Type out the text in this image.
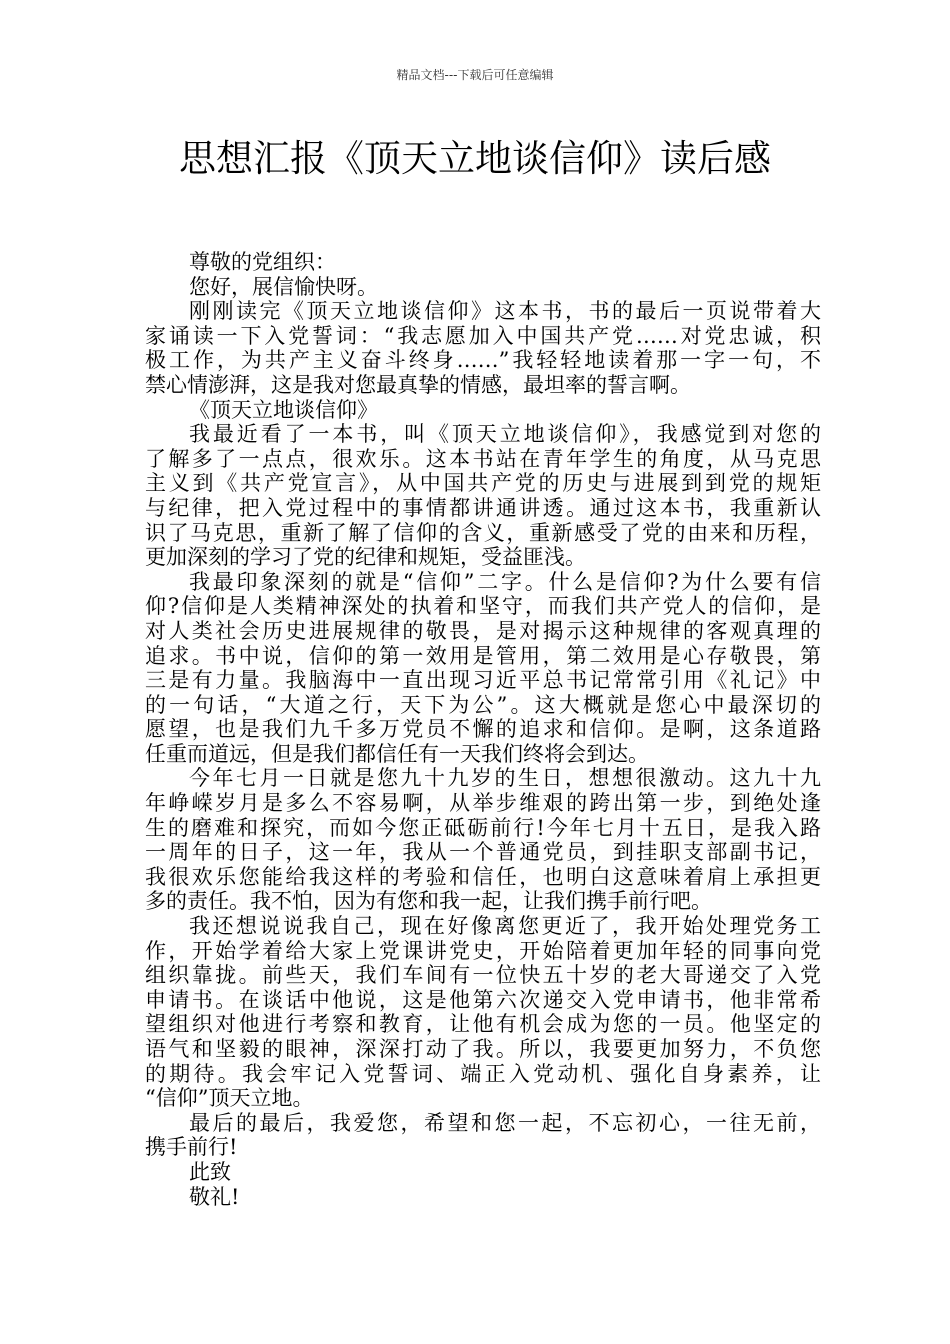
精品文档---下载后可任意编辑
思想汇报《顶天立地谈信仰》读后感
尊敬的党组织：
您好，展信愉快呀。
刚刚读完《顶天立地谈信仰》这本书，书的最后一页说带着大
家诵读一下入党誓词：“我志愿加入中国共产党……对党忠诚，积
极工作，为共产主义奋斗终身……”我轻轻地读着那一字一句，不
禁心情澎湃，这是我对您最真挚的情感，最坦率的誓言啊。
《顶天立地谈信仰》
我最近看了一本书，叫《顶天立地谈信仰》，我感觉到对您的
了解多了一点点，很欢乐。这本书站在青年学生的角度，从马克思
主义到《共产党宣言》，从中国共产党的历史与进展到到党的规矩
与纪律，把入党过程中的事情都讲通讲透。通过这本书，我重新认
识了马克思，重新了解了信仰的含义，重新感受了党的由来和历程，
更加深刻的学习了党的纪律和规矩，受益匪浅。
我最印象深刻的就是“信仰”二字。什么是信仰?为什么要有信
仰?信仰是人类精神深处的执着和坚守，而我们共产党人的信仰，是
对人类社会历史进展规律的敬畏，是对揭示这种规律的客观真理的
追求。书中说，信仰的第一效用是管用，第二效用是心存敬畏，第
三是有力量。我脑海中一直出现习近平总书记常常引用《礼记》中
的一句话，“大道之行，天下为公”。这大概就是您心中最深切的
愿望，也是我们九千多万党员不懈的追求和信仰。是啊，这条道路
任重而道远，但是我们都信任有一天我们终将会到达。
今年七月一日就是您九十九岁的生日，想想很激动。这九十九
年峥嵘岁月是多么不容易啊，从举步维艰的跨出第一步，到绝处逢
生的磨难和探究，而如今您正砥砺前行!今年七月十五日，是我入路
一周年的日子，这一年，我从一个普通党员，到挂职支部副书记，
我很欢乐您能给我这样的考验和信任，也明白这意味着肩上承担更
多的责任。我不怕，因为有您和我一起，让我们携手前行吧。
我还想说说我自己，现在好像离您更近了，我开始处理党务工
作，开始学着给大家上党课讲党史，开始陪着更加年轻的同事向党
组织靠拢。前些天，我们车间有一位快五十岁的老大哥递交了入党
申请书。在谈话中他说，这是他第六次递交入党申请书，他非常希
望组织对他进行考察和教育，让他有机会成为您的一员。他坚定的
语气和坚毅的眼神，深深打动了我。所以，我要更加努力，不负您
的期待。我会牢记入党誓词、端正入党动机、强化自身素养，让
“信仰”顶天立地。
最后的最后，我爱您，希望和您一起，不忘初心，一往无前，
携手前行!
此致
敬礼!
